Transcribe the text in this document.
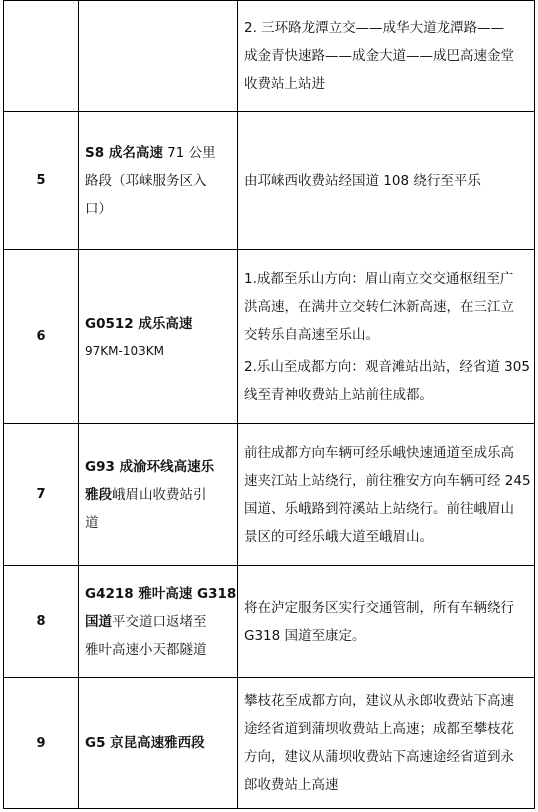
		2. 三环路龙潭立交——成华大道龙潭路——
成金青快速路——成金大道——成巴高速金堂
收费站上站进

5	S8 成名高速 71 公里
路段（邛崃服务区入
口）	由邛崃西收费站经国道 108 绕行至平乐

6	G0512 成乐高速
97KM-103KM	1.成都至乐山方向：眉山南立交交通枢纽至广
洪高速，在满井立交转仁沐新高速，在三江立
交转乐自高速至乐山。
2.乐山至成都方向：观音滩站出站，经省道 305
线至青神收费站上站前往成都。

7	G93 成渝环线高速乐
雅段峨眉山收费站引
道	前往成都方向车辆可经乐峨快速通道至成乐高
速夹江站上站绕行，前往雅安方向车辆可经 245
国道、乐峨路到符溪站上站绕行。前往峨眉山
景区的可经乐峨大道至峨眉山。

8	G4218 雅叶高速 G318
国道平交道口返堵至
雅叶高速小天都隧道	将在泸定服务区实行交通管制，所有车辆绕行
G318 国道至康定。

9	G5 京昆高速雅西段	攀枝花至成都方向，建议从永郎收费站下高速
途经省道到蒲坝收费站上高速；成都至攀枝花
方向，建议从蒲坝收费站下高速途经省道到永
郎收费站上高速
